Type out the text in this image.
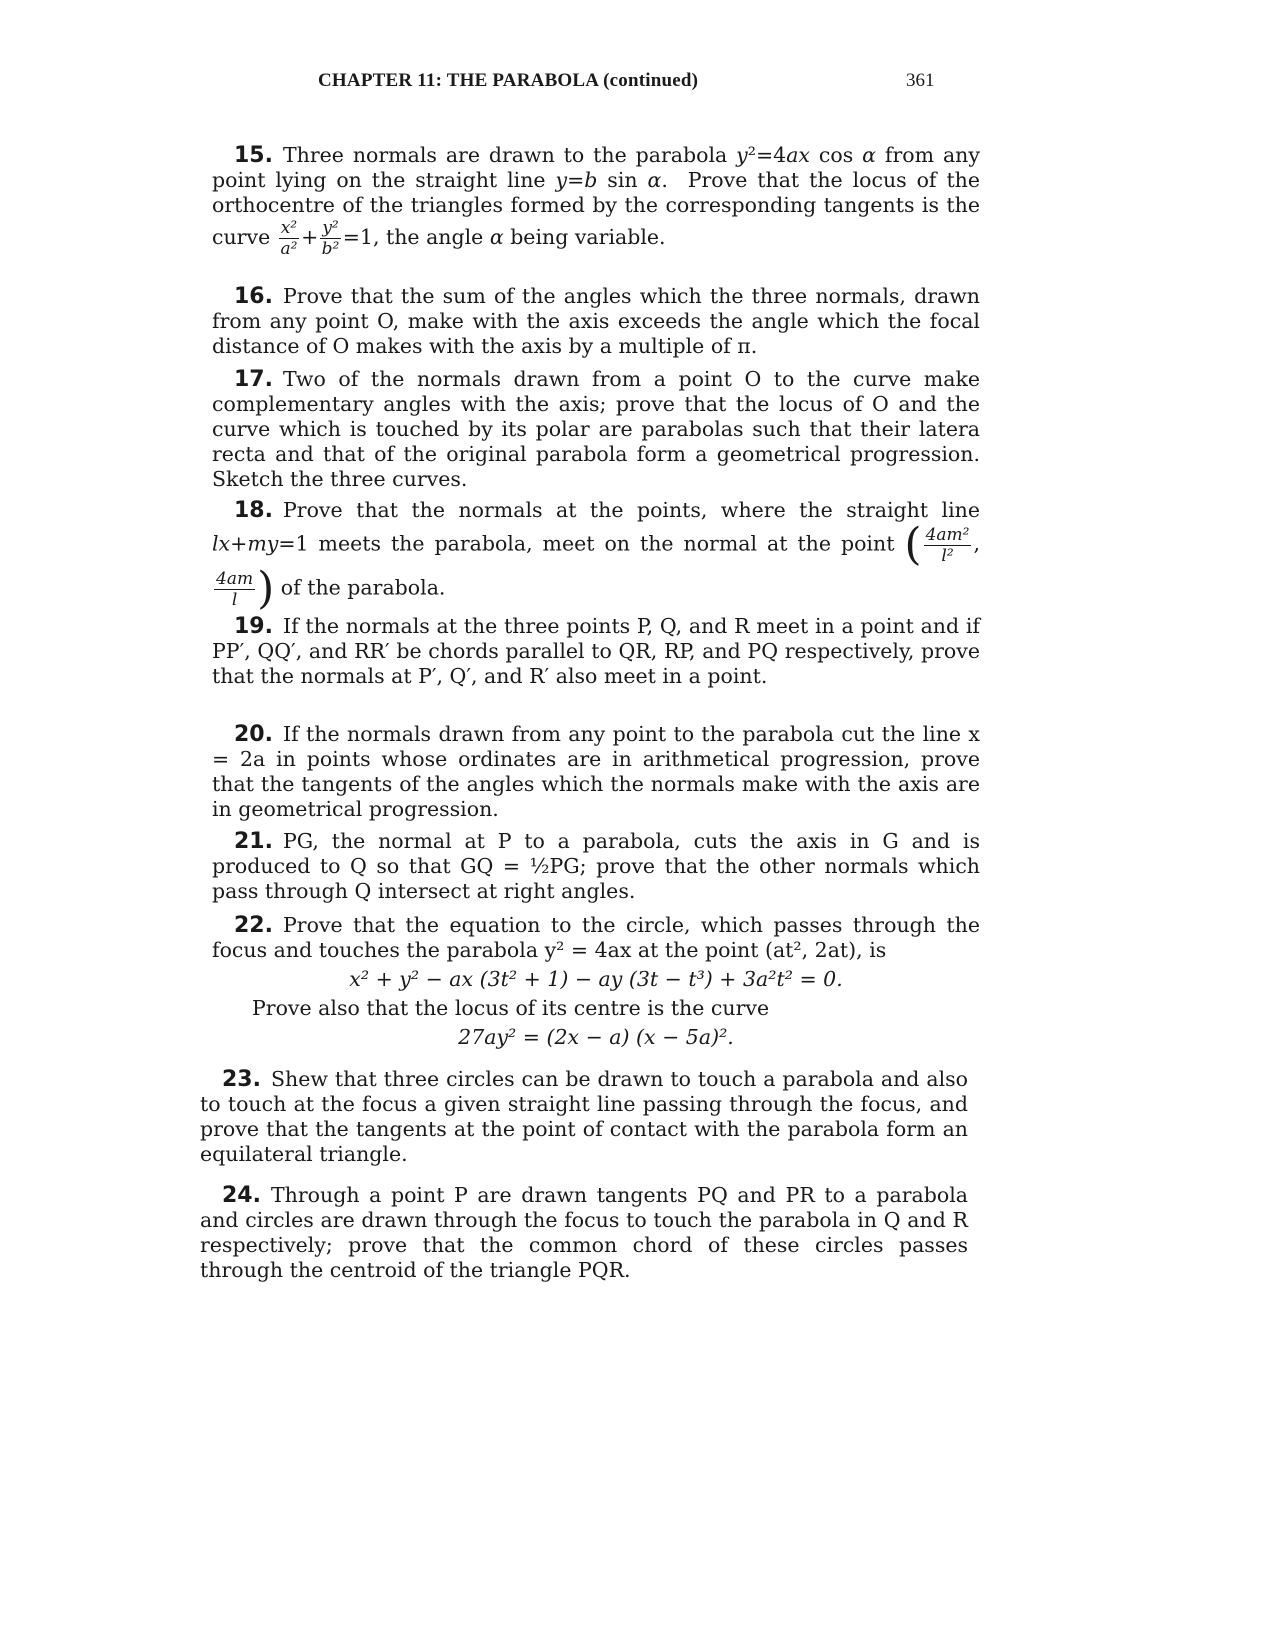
CHAPTER 11: THE PARABOLA (continued)	361
15. Three normals are drawn to the parabola y²=4ax cos α from any point lying on the straight line y=b sin α.  Prove that the locus of the orthocentre of the triangles formed by the corresponding tangents is the curve $\frac{\text{x²}}{\text{a²}} + \frac{\text{y²}}{\text{b²}} =1$, the angle α being variable.
16. Prove that the sum of the angles which the three normals, drawn from any point O, make with the axis exceeds the angle which the focal distance of O makes with the axis by a multiple of π.
17. Two of the normals drawn from a point O to the curve make complementary angles with the axis; prove that the locus of O and the curve which is touched by its polar are parabolas such that their latera recta and that of the original parabola form a geometrical progression. Sketch the three curves.
18. Prove that the normals at the points, where the straight line lx+my=1 meets the parabola, meet on the normal at the point ( $\frac{\text{4am²}}{\text{l²}}$ ,
$\frac{4am}{l}$ ) of the parabola.
19. If the normals at the three points P, Q, and R meet in a point and if PP′, QQ′, and RR′ be chords parallel to QR, RP, and PQ respectively, prove that the normals at P′, Q′, and R′ also meet in a point.
20. If the normals drawn from any point to the parabola cut the line x = 2a in points whose ordinates are in arithmetical progression, prove that the tangents of the angles which the normals make with the axis are in geometrical progression.
21. PG, the normal at P to a parabola, cuts the axis in G and is produced to Q so that GQ = ½PG; prove that the other normals which pass through Q intersect at right angles.
22. Prove that the equation to the circle, which passes through the focus and touches the parabola y² = 4ax at the point (at², 2at), is
x² + y² − ax (3t² + 1) − ay (3t − t³) + 3a²t² = 0.
Prove also that the locus of its centre is the curve
27ay² = (2x − a) (x − 5a)².
23. Shew that three circles can be drawn to touch a parabola and also to touch at the focus a given straight line passing through the focus, and prove that the tangents at the point of contact with the parabola form an equilateral triangle.
24. Through a point P are drawn tangents PQ and PR to a parabola and circles are drawn through the focus to touch the parabola in Q and R respectively; prove that the common chord of these circles passes through the centroid of the triangle PQR.
